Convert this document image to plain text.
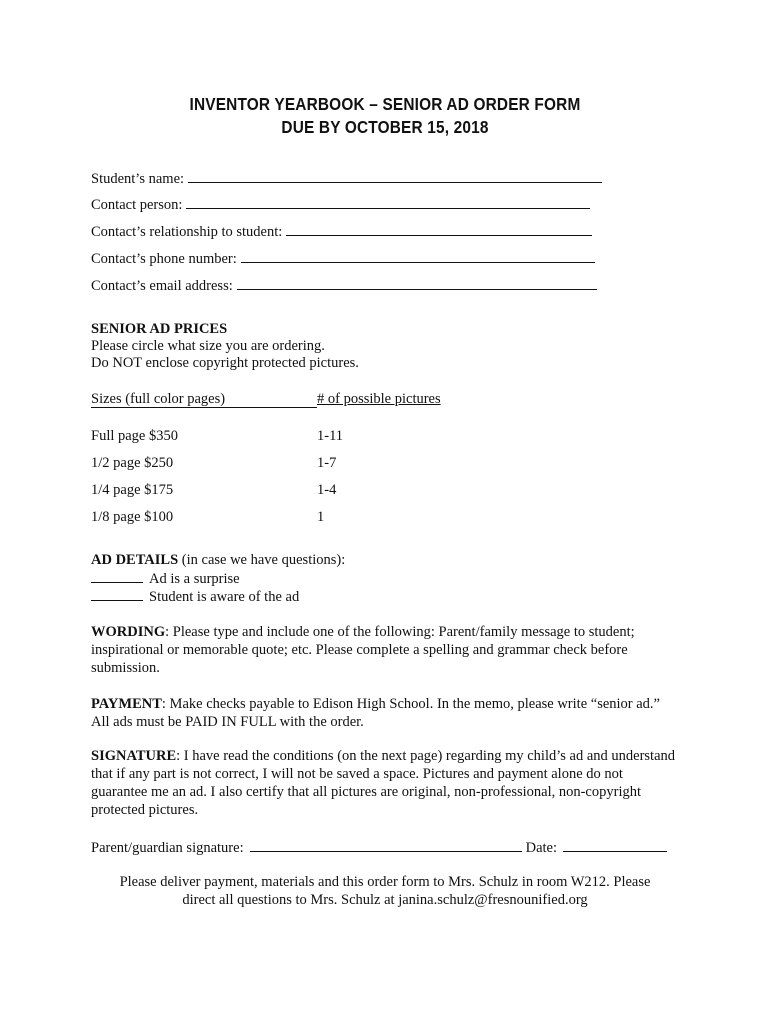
INVENTOR YEARBOOK – SENIOR AD ORDER FORM
DUE BY OCTOBER 15, 2018
Student’s name:
Contact person:
Contact’s relationship to student:
Contact’s phone number:
Contact’s email address:
SENIOR AD PRICES
Please circle what size you are ordering.
Do NOT enclose copyright protected pictures.
Sizes (full color pages)	# of possible pictures
Full page $350	1-11
1/2 page $250	1-7
1/4 page $175	1-4
1/8 page $100	1
AD DETAILS (in case we have questions):
Ad is a surprise
Student is aware of the ad
WORDING: Please type and include one of the following: Parent/family message to student; inspirational or memorable quote; etc. Please complete a spelling and grammar check before submission.
PAYMENT: Make checks payable to Edison High School. In the memo, please write “senior ad.” All ads must be PAID IN FULL with the order.
SIGNATURE: I have read the conditions (on the next page) regarding my child’s ad and understand that if any part is not correct, I will not be saved a space. Pictures and payment alone do not guarantee me an ad. I also certify that all pictures are original, non-professional, non-copyright protected pictures.
Parent/guardian signature:	Date:
Please deliver payment, materials and this order form to Mrs. Schulz in room W212. Please
direct all questions to Mrs. Schulz at janina.schulz@fresnounified.org
